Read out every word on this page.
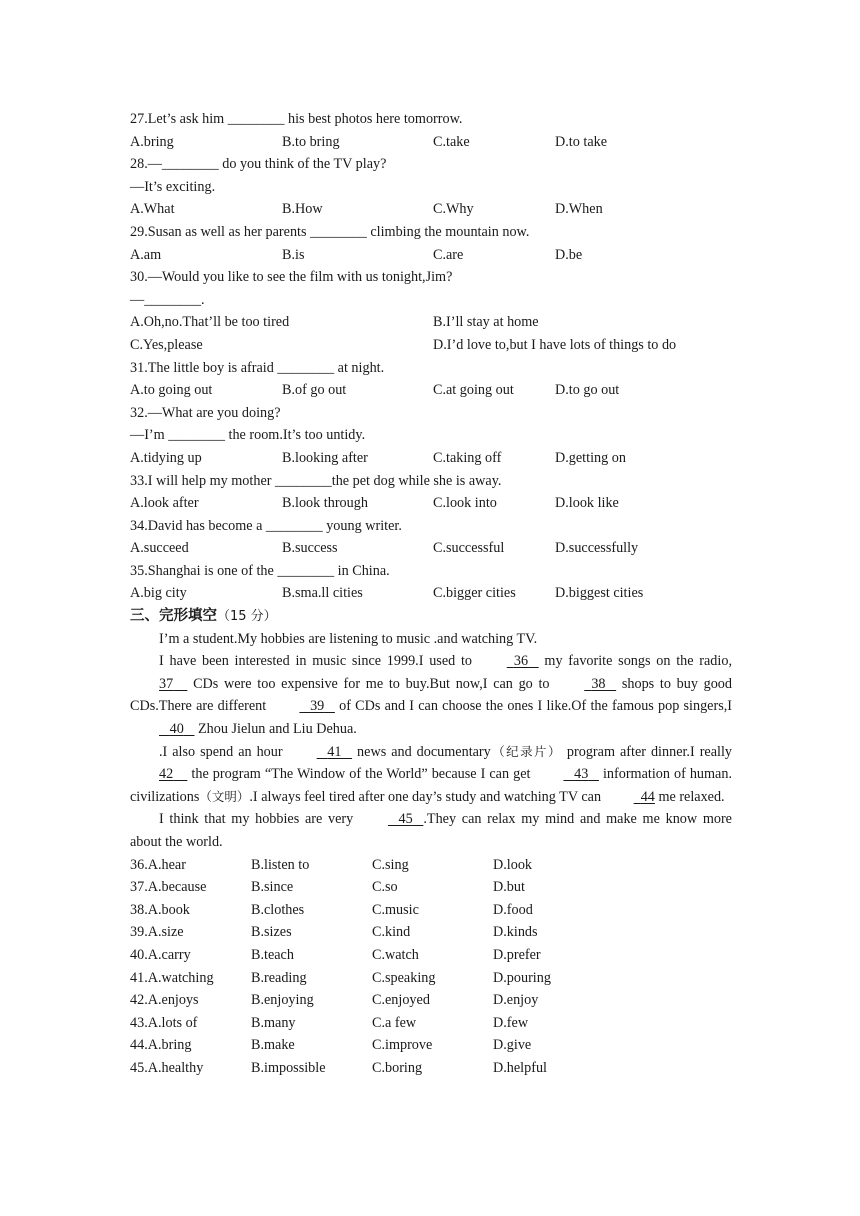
27.Let’s ask him ________ his best photos here tomorrow.
A.bring	B.to bring	C.take	D.to take
28.—________ do you think of the TV play?
—It’s exciting.
A.What	B.How	C.Why	D.When
29.Susan as well as her parents ________ climbing the mountain now.
A.am	B.is	C.are	D.be
30.—Would you like to see the film with us tonight,Jim?
—________.
A.Oh,no.That’ll be too tired	B.I’ll stay at home
C.Yes,please	D.I’d love to,but I have lots of things to do
31.The little boy is afraid ________ at night.
A.to going out	B.of go out	C.at going out	D.to go out
32.—What are you doing?
—I’m ________ the room.It’s too untidy.
A.tidying up	B.looking after	C.taking off	D.getting on
33.I will help my mother ________the pet dog while she is away.
A.look after	B.look through	C.look into	D.look like
34.David has become a ________ young writer.
A.succeed	B.success	C.successful	D.successfully
35.Shanghai is one of the ________ in China.
A.big city	B.sma.ll cities	C.bigger cities	D.biggest cities
三、完形填空（15 分）
I’m a student.My hobbies are listening to music .and watching TV.
I have been interested in music since 1999.I used to	36    my favorite songs on the radio, 37     CDs were too expensive for me to buy.But now,I can go to	38    shops to buy good CDs.There are different	39    of CDs and I can choose the ones I like.Of the famous pop singers,I    40    Zhou Jielun and Liu Dehua.
.I also spend an hour	41    news and documentary（纪录片） program after dinner.I really 42     the program “The Window of the World” because I can get	43    information of human. civilizations（文明）.I always feel tired after one day’s study and watching TV can	44 me relaxed.
I think that my hobbies are very	45 .They can relax my mind and make me know more about the world.
36.A.hear	B.listen to	C.sing	D.look
37.A.because	B.since	C.so	D.but
38.A.book	B.clothes	C.music	D.food
39.A.size	B.sizes	C.kind	D.kinds
40.A.carry	B.teach	C.watch	D.prefer
41.A.watching	B.reading	C.speaking	D.pouring
42.A.enjoys	B.enjoying	C.enjoyed	D.enjoy
43.A.lots of	B.many	C.a few	D.few
44.A.bring	B.make	C.improve	D.give
45.A.healthy	B.impossible	C.boring	D.helpful
